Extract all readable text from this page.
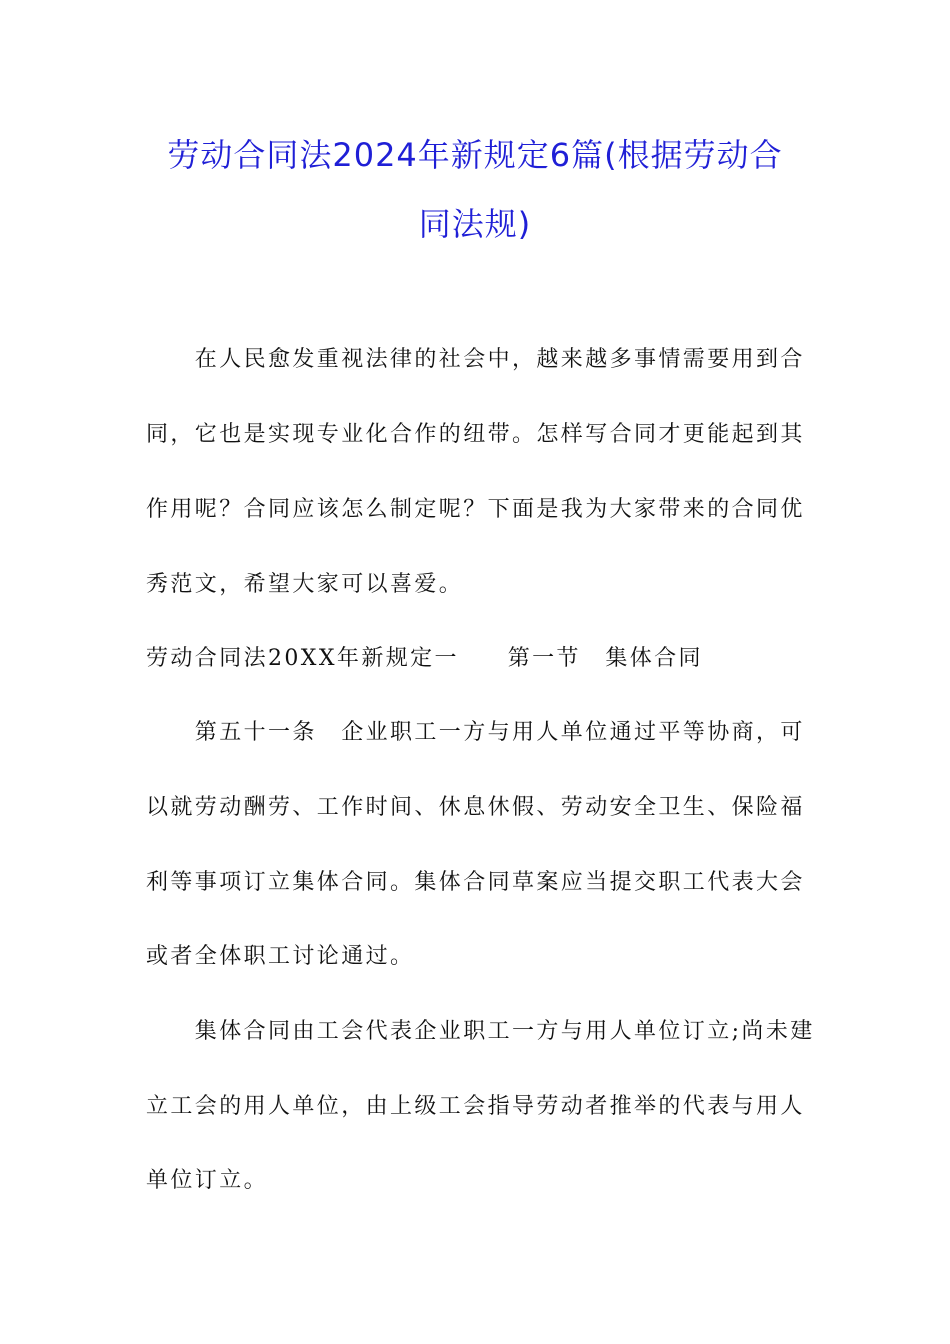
劳动合同法2024年新规定6篇(根据劳动合
同法规)
　　在人民愈发重视法律的社会中，越来越多事情需要用到合
同，它也是实现专业化合作的纽带。怎样写合同才更能起到其
作用呢？合同应该怎么制定呢？下面是我为大家带来的合同优
秀范文，希望大家可以喜爱。
劳动合同法20XX年新规定一　　第一节　集体合同
　　第五十一条　企业职工一方与用人单位通过平等协商，可
以就劳动酬劳、工作时间、休息休假、劳动安全卫生、保险福
利等事项订立集体合同。集体合同草案应当提交职工代表大会
或者全体职工讨论通过。
　　集体合同由工会代表企业职工一方与用人单位订立;尚未建
立工会的用人单位，由上级工会指导劳动者推举的代表与用人
单位订立。
